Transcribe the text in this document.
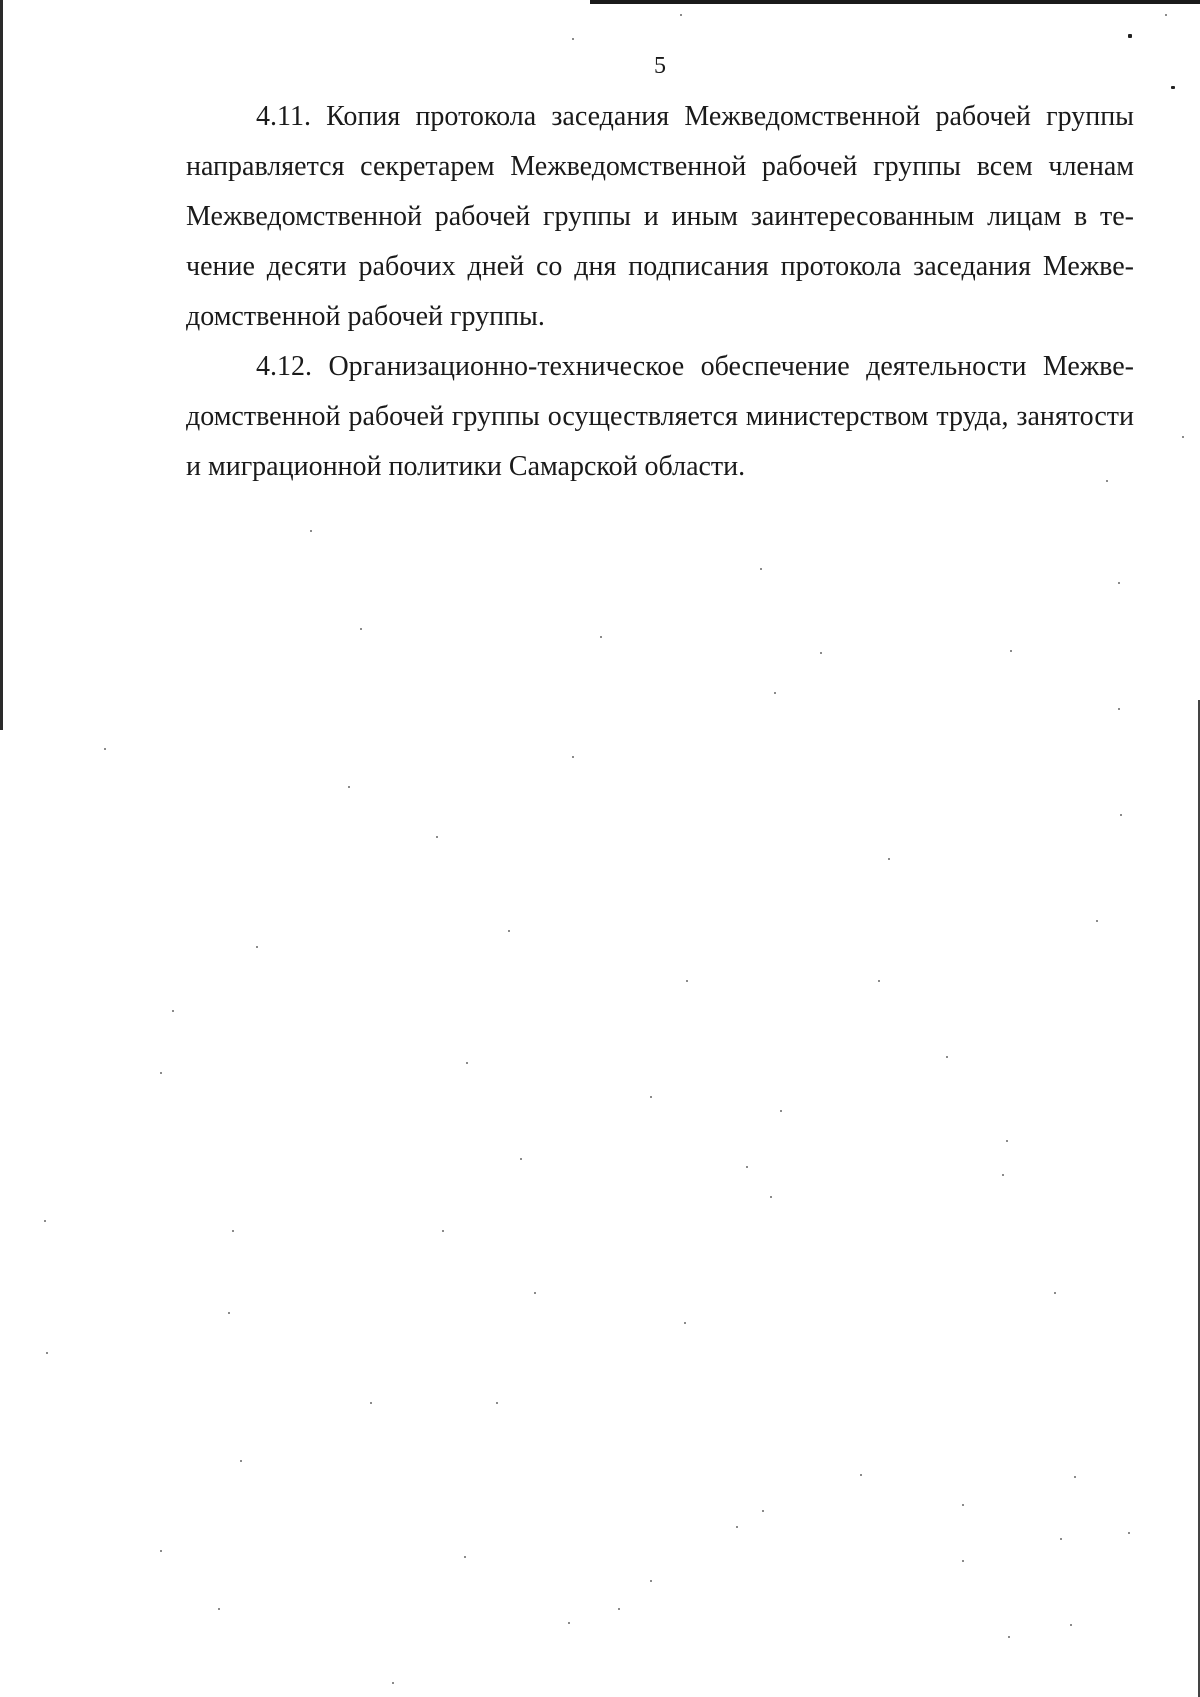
5

4.11. Копия протокола заседания Межведомственной рабочей группы направляется секретарем Межведомственной рабочей группы всем членам Межведомственной рабочей группы и иным заинтересованным лицам в течение десяти рабочих дней со дня подписания протокола заседания Межведомственной рабочей группы.

4.12. Организационно-техническое обеспечение деятельности Межведомственной рабочей группы осуществляется министерством труда, занятости и миграционной политики Самарской области.
